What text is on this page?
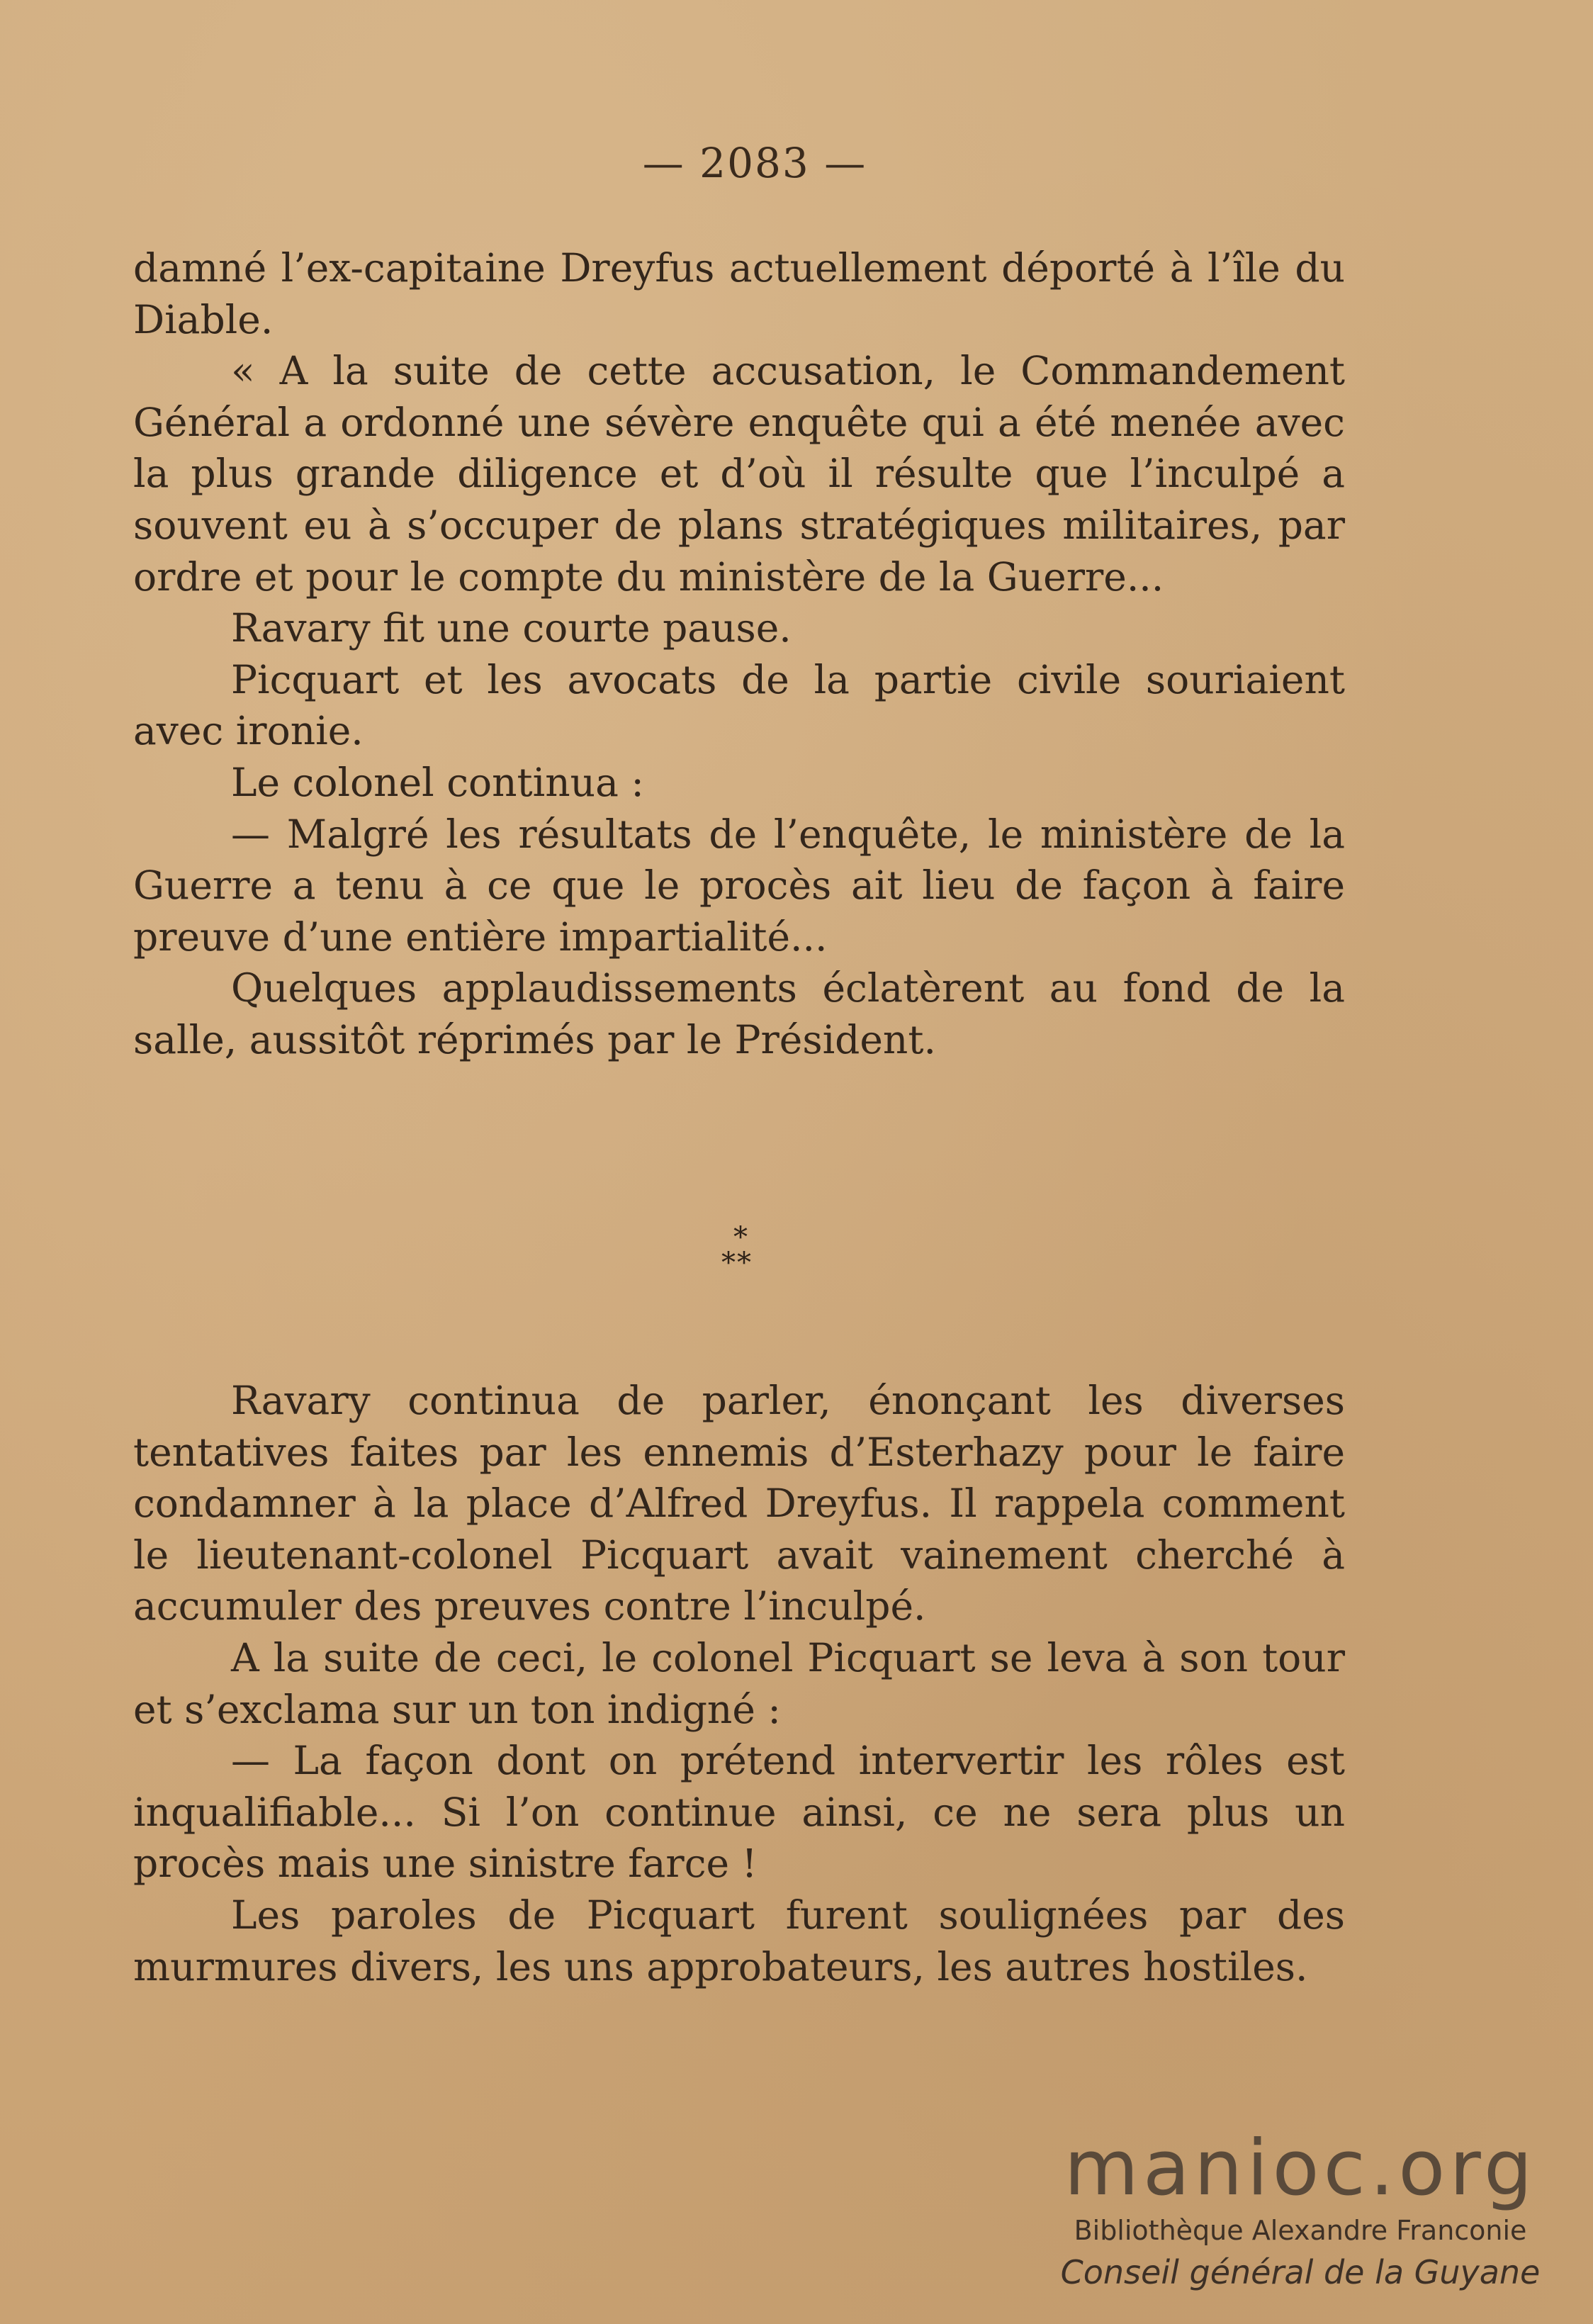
— 2083 —

damné l’ex-capitaine Dreyfus actuellement déporté à l’île du Diable.

« A la suite de cette accusation, le Commandement Général a ordonné une sévère enquête qui a été menée avec la plus grande diligence et d’où il résulte que l’inculpé a souvent eu à s’occuper de plans stratégiques militaires, par ordre et pour le compte du ministère de la Guerre...

Ravary fit une courte pause.

Picquart et les avocats de la partie civile souriaient avec ironie.

Le colonel continua :

— Malgré les résultats de l’enquête, le ministère de la Guerre a tenu à ce que le procès ait lieu de façon à faire preuve d’une entière impartialité...

Quelques applaudissements éclatèrent au fond de la salle, aussitôt réprimés par le Président.

*
**

Ravary continua de parler, énonçant les diverses tentatives faites par les ennemis d’Esterhazy pour le faire condamner à la place d’Alfred Dreyfus. Il rappela comment le lieutenant-colonel Picquart avait vainement cherché à accumuler des preuves contre l’inculpé.

A la suite de ceci, le colonel Picquart se leva à son tour et s’exclama sur un ton indigné :

— La façon dont on prétend intervertir les rôles est inqualifiable... Si l’on continue ainsi, ce ne sera plus un procès mais une sinistre farce !

Les paroles de Picquart furent soulignées par des murmures divers, les uns approbateurs, les autres hostiles.

manioc.org
Bibliothèque Alexandre Franconie
Conseil général de la Guyane
